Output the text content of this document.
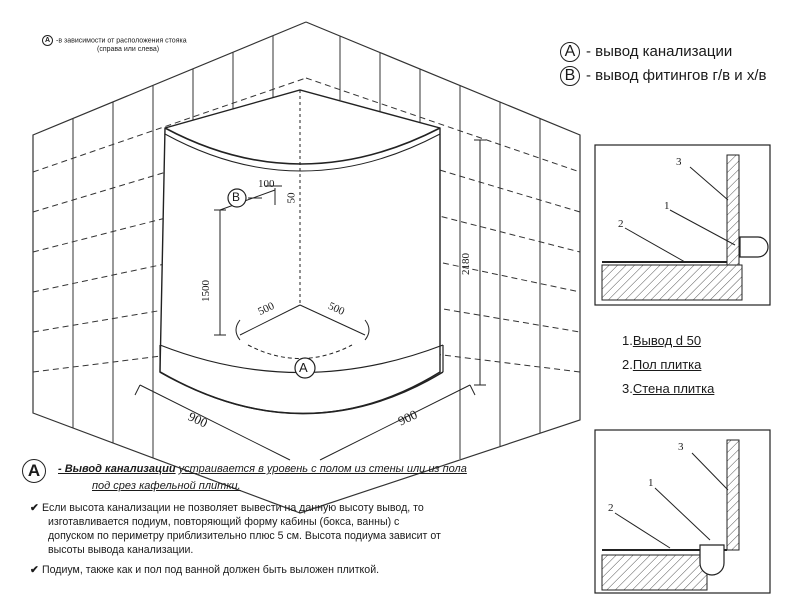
A -в зависимости от расположения стояка
(справа или слева)	A - вывод канализации
B - вывод фитингов г/в и х/в
1.Вывод d 50
2.Пол плитка
3.Стена плитка
100
50
1500
2180
500	500
900	900
B
A
3
1
2
3
1
2
A	- Вывод канализации устраивается в уровень с полом из стены или из пола
под срез кафельной плитки.
✔ Если высота канализации не позволяет вывести на данную высоту вывод, то
изготавливается подиум, повторяющий форму кабины (бокса, ванны) с
допуском по периметру приблизительно плюс 5 см. Высота подиума зависит от
высоты вывода канализации.
✔ Подиум, также как и пол под ванной должен быть выложен плиткой.
